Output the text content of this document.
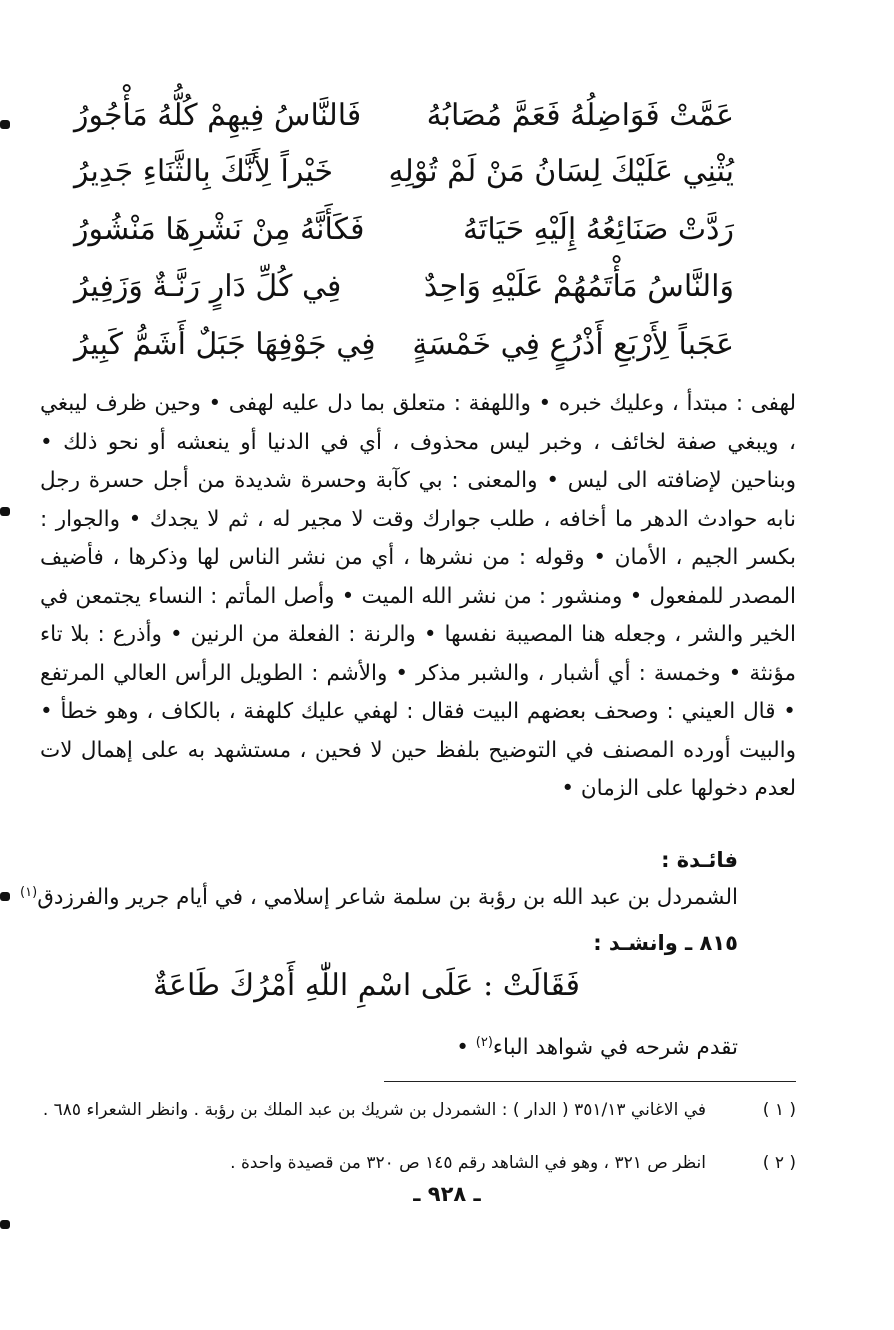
عَمَّتْ فَوَاضِلُهُ فَعَمَّ مُصَابُهُ
فَالنَّاسُ فِيهِمْ كُلُّهُ مَأْجُورُ
يُثْنِي عَلَيْكَ لِسَانُ مَنْ لَمْ تُوْلِهِ
خَيْراً لِأَنَّكَ بِالثَّنَاءِ جَدِيرُ
رَدَّتْ صَنَائِعُهُ إِلَيْهِ حَيَاتَهُ
فَكَأَنَّهُ مِنْ نَشْرِهَا مَنْشُورُ
وَالنَّاسُ مَأْتَمُهُمْ عَلَيْهِ وَاحِدٌ
فِي كُلِّ دَارٍ رَنَّـةٌ وَزَفِيرُ
عَجَباً لِأَرْبَعِ أَذْرُعٍ فِي خَمْسَةٍ
فِي جَوْفِهَا جَبَلٌ أَشَمُّ كَبِيرُ

لهفى : مبتدأ ، وعليك خبره • واللهفة : متعلق بما دل عليه لهفى • وحين ظرف ليبغي ، ويبغي صفة لخائف ، وخبر ليس محذوف ، أي في الدنيا أو ينعشه أو نحو ذلك • وبناحين لإضافته الى ليس • والمعنى : بي كآبة وحسرة شديدة من أجل حسرة رجل نابه حوادث الدهر ما أخافه ، طلب جوارك وقت لا مجير له ، ثم لا يجدك • والجوار : بكسر الجيم ، الأمان • وقوله : من نشرها ، أي من نشر الناس لها وذكرها ، فأضيف المصدر للمفعول • ومنشور : من نشر الله الميت • وأصل المأتم : النساء يجتمعن في الخير والشر ، وجعله هنا المصيبة نفسها • والرنة : الفعلة من الرنين • وأذرع : بلا تاء مؤنثة • وخمسة : أي أشبار ، والشبر مذكر • والأشم : الطويل الرأس العالي المرتفع • قال العيني : وصحف بعضهم البيت فقال : لهفي عليك كلهفة ، بالكاف ، وهو خطأ • والبيت أورده المصنف في التوضيح بلفظ حين لا فحين ، مستشهد به على إهمال لات لعدم دخولها على الزمان •

فائـدة :
الشمردل بن عبد الله بن رؤبة بن سلمة شاعر إسلامي ، في أيام جرير والفرزدق$^{(١)}$ •
٨١٥ ـ وانشـد :
فَقَالَتْ : عَلَى اسْمِ اللّٰهِ أَمْرُكَ طَاعَةٌ
تقدم شرحه في شواهد الباء$^{(٢)}$ •
( ١ )
في الاغاني ٣٥١/١٣ ( الدار ) : الشمردل بن شريك بن عبد الملك بن رؤبة . وانظر الشعراء ٦٨٥ .
( ٢ )
انظر ص ٣٢١ ، وهو في الشاهد رقم ١٤٥ ص ٣٢٠ من قصيدة واحدة .
ـ ٩٢٨ ـ
